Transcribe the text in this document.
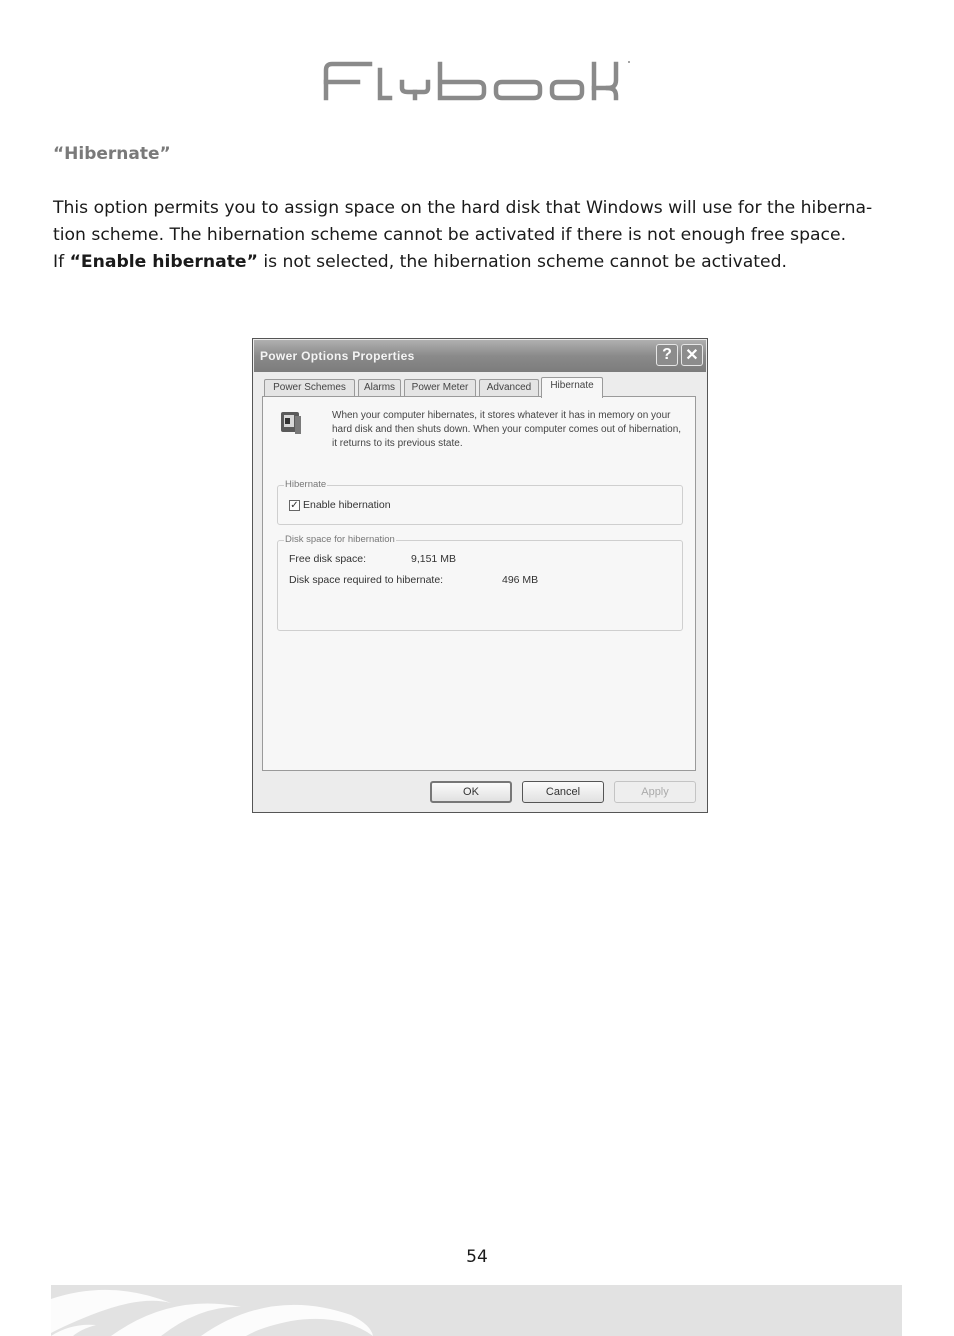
“Hibernate”
This option permits you to assign space on the hard disk that Windows will use for the hiberna-
tion scheme. The hibernation scheme cannot be activated if there is not enough free space.
If “Enable hibernate” is not selected, the hibernation scheme cannot be activated.
Power Options Properties	? ✕
Power Schemes	Alarms	Power Meter	Advanced	Hibernate
When your computer hibernates, it stores whatever it has in memory on your hard disk and then shuts down. When your computer comes out of hibernation, it returns to its previous state.
Hibernate
✓ Enable hibernation
Disk space for hibernation
Free disk space:	9,151 MB
Disk space required to hibernate:	496 MB
OK	Cancel	Apply
54
